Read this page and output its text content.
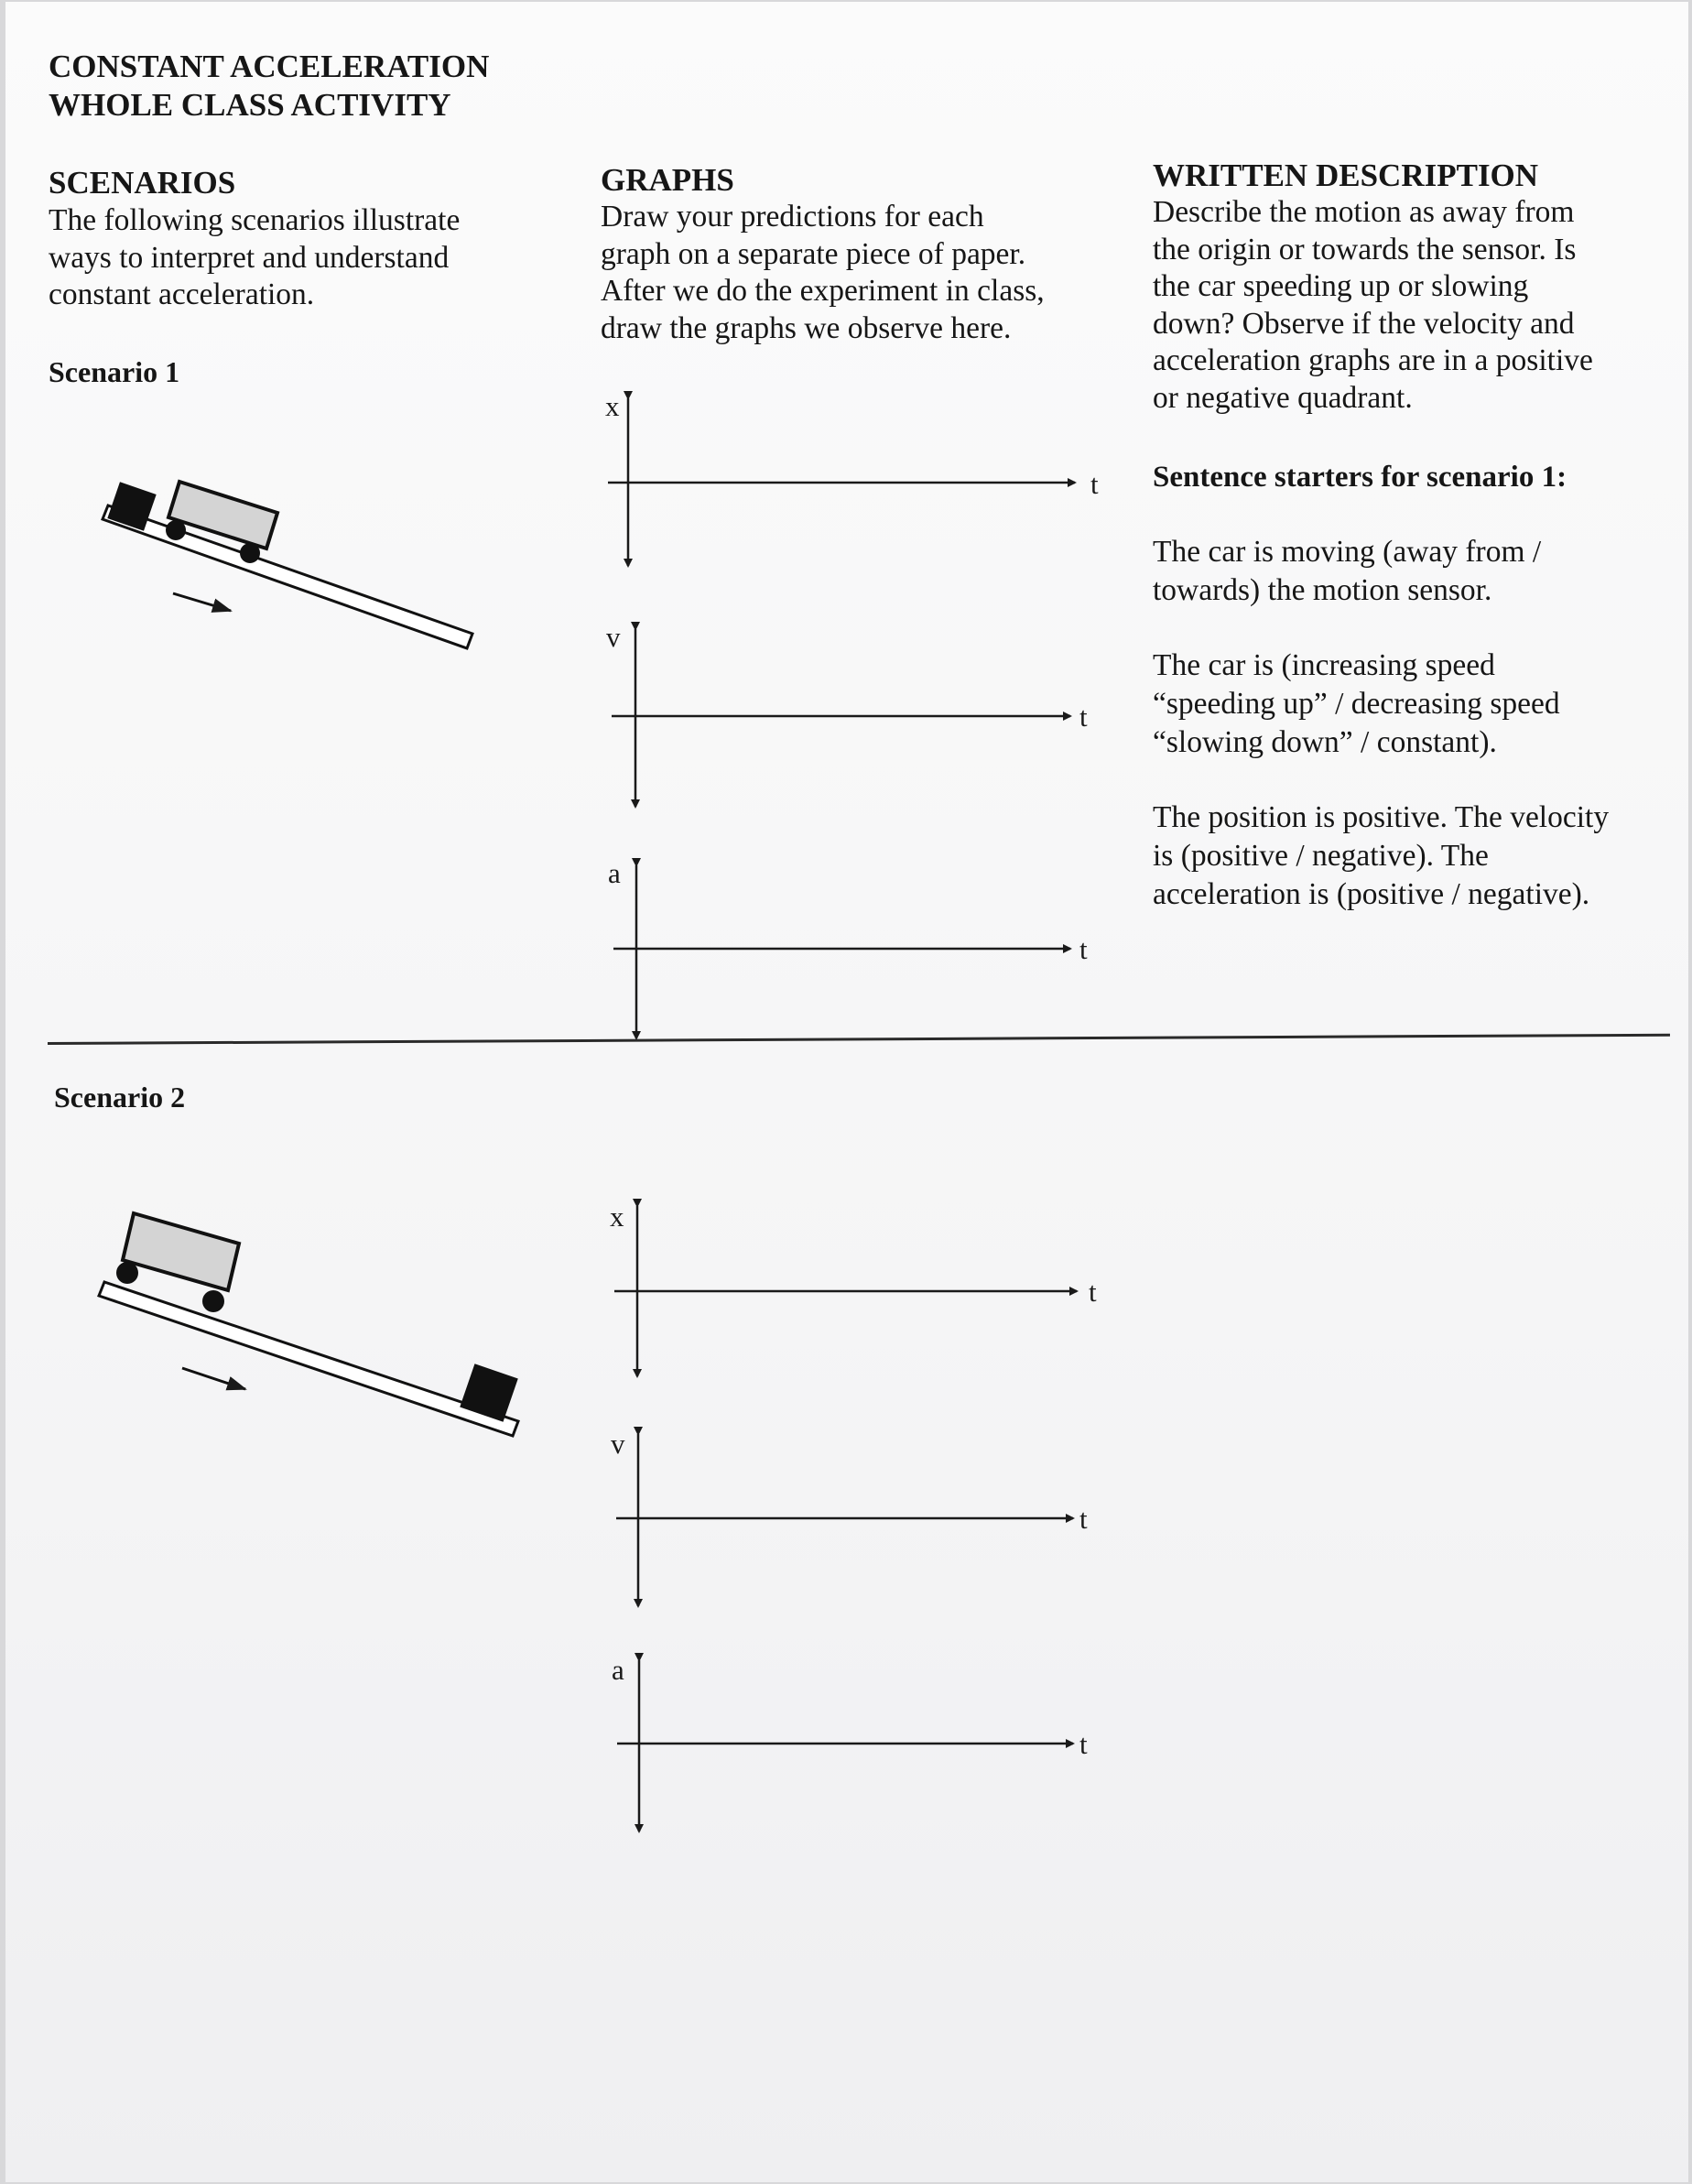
CONSTANT ACCELERATION
WHOLE CLASS ACTIVITY
SCENARIOS
The following scenarios illustrate
ways to interpret and understand
constant acceleration.
Scenario 1
GRAPHS
Draw your predictions for each
graph on a separate piece of paper.
After we do the experiment in class,
draw the graphs we observe here.
WRITTEN DESCRIPTION
Describe the motion as away from
the origin or towards the sensor. Is
the car speeding up or slowing
down? Observe if the velocity and
acceleration graphs are in a positive
or negative quadrant.
Sentence starters for scenario 1:
The car is moving (away from /
towards) the motion sensor.
The car is (increasing speed
“speeding up” / decreasing speed
“slowing down” / constant).
The position is positive. The velocity
is (positive / negative). The
acceleration is (positive / negative).
Scenario 2
x
t
v
t
a
t
x
t
v
t
a
t
